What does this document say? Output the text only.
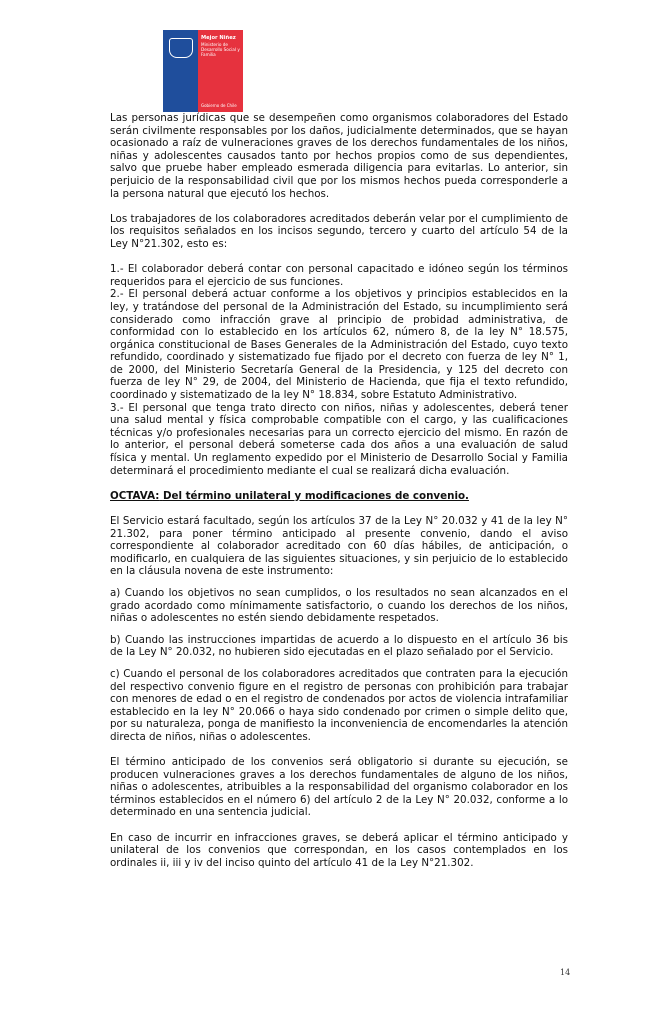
Mejor Niñez
Ministerio de Desarrollo Social y Familia
Gobierno de Chile

Las personas jurídicas que se desempeñen como organismos colaboradores del Estado serán civilmente responsables por los daños, judicialmente determinados, que se hayan ocasionado a raíz de vulneraciones graves de los derechos fundamentales de los niños, niñas y adolescentes causados tanto por hechos propios como de sus dependientes, salvo que pruebe haber empleado esmerada diligencia para evitarlas. Lo anterior, sin perjuicio de la responsabilidad civil que por los mismos hechos pueda corresponderle a la persona natural que ejecutó los hechos.

Los trabajadores de los colaboradores acreditados deberán velar por el cumplimiento de los requisitos señalados en los incisos segundo, tercero y cuarto del artículo 54 de la Ley N°21.302, esto es:

1.- El colaborador deberá contar con personal capacitado e idóneo según los términos requeridos para el ejercicio de sus funciones.

2.- El personal deberá actuar conforme a los objetivos y principios establecidos en la ley, y tratándose del personal de la Administración del Estado, su incumplimiento será considerado como infracción grave al principio de probidad administrativa, de conformidad con lo establecido en los artículos 62, número 8, de la ley N° 18.575, orgánica constitucional de Bases Generales de la Administración del Estado, cuyo texto refundido, coordinado y sistematizado fue fijado por el decreto con fuerza de ley N° 1, de 2000, del Ministerio Secretaría General de la Presidencia, y 125 del decreto con fuerza de ley N° 29, de 2004, del Ministerio de Hacienda, que fija el texto refundido, coordinado y sistematizado de la ley N° 18.834, sobre Estatuto Administrativo.

3.- El personal que tenga trato directo con niños, niñas y adolescentes, deberá tener una salud mental y física comprobable compatible con el cargo, y las cualificaciones técnicas y/o profesionales necesarias para un correcto ejercicio del mismo. En razón de lo anterior, el personal deberá someterse cada dos años a una evaluación de salud física y mental. Un reglamento expedido por el Ministerio de Desarrollo Social y Familia determinará el procedimiento mediante el cual se realizará dicha evaluación.

OCTAVA: Del término unilateral y modificaciones de convenio.

El Servicio estará facultado, según los artículos 37 de la Ley N° 20.032 y 41 de la ley N° 21.302, para poner término anticipado al presente convenio, dando el aviso correspondiente al colaborador acreditado con 60 días hábiles, de anticipación, o modificarlo, en cualquiera de las siguientes situaciones, y sin perjuicio de lo establecido en la cláusula novena de este instrumento:

a) Cuando los objetivos no sean cumplidos, o los resultados no sean alcanzados en el grado acordado como mínimamente satisfactorio, o cuando los derechos de los niños, niñas o adolescentes no estén siendo debidamente respetados.

b) Cuando las instrucciones impartidas de acuerdo a lo dispuesto en el artículo 36 bis de la Ley N° 20.032, no hubieren sido ejecutadas en el plazo señalado por el Servicio.

c) Cuando el personal de los colaboradores acreditados que contraten para la ejecución del respectivo convenio figure en el registro de personas con prohibición para trabajar con menores de edad o en el registro de condenados por actos de violencia intrafamiliar establecido en la ley N° 20.066 o haya sido condenado por crimen o simple delito que, por su naturaleza, ponga de manifiesto la inconveniencia de encomendarles la atención directa de niños, niñas o adolescentes.

El término anticipado de los convenios será obligatorio si durante su ejecución, se producen vulneraciones graves a los derechos fundamentales de alguno de los niños, niñas o adolescentes, atribuibles a la responsabilidad del organismo colaborador en los términos establecidos en el número 6) del artículo 2 de la Ley N° 20.032, conforme a lo determinado en una sentencia judicial.

En caso de incurrir en infracciones graves, se deberá aplicar el término anticipado y unilateral de los convenios que correspondan, en los casos contemplados en los ordinales ii, iii y iv del inciso quinto del artículo 41 de la Ley N°21.302.

14
